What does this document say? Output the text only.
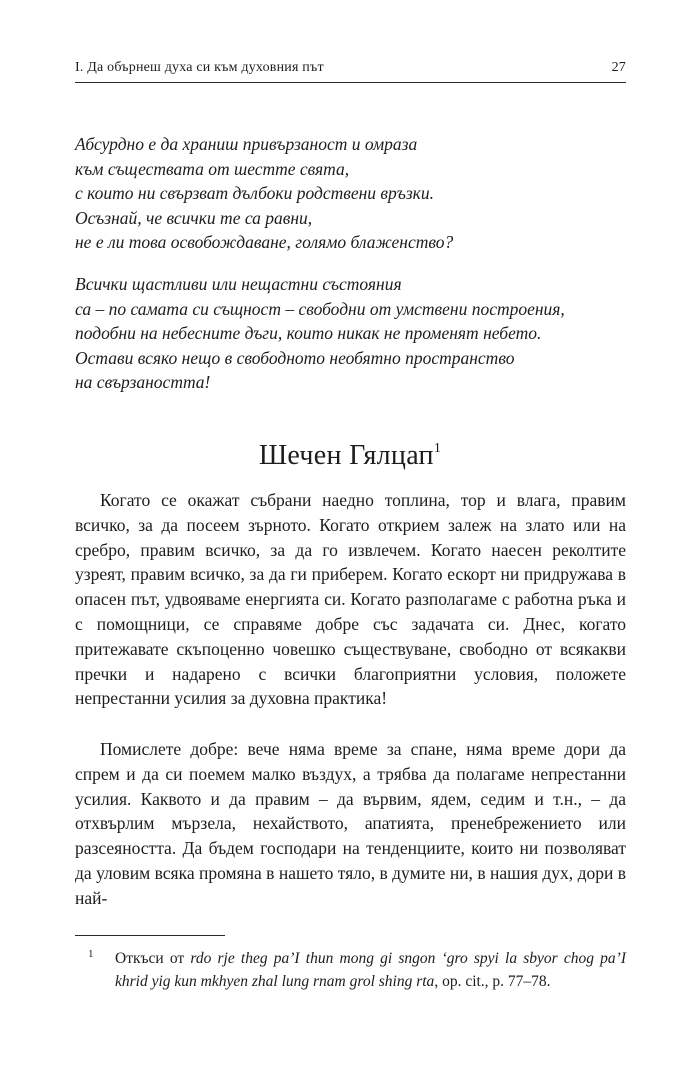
I. Да обърнеш духа си към духовния път	27
Абсурдно е да храниш привързаност и омраза
към съществата от шестте свята,
с които ни свързват дълбоки родствени връзки.
Осъзнай, че всички те са равни,
не е ли това освобождаване, голямо блаженство?
Всички щастливи или нещастни състояния
са – по самата си същност – свободни от умствени построения,
подобни на небесните дъги, които никак не променят небето.
Остави всяко нещо в свободното необятно пространство
на свързаността!
Шечен Гялцап$^1$

Когато се окажат събрани наедно топлина, тор и влага, правим всичко, за да посеем зърното. Когато открием залеж на злато или на сребро, правим всичко, за да го извлечем. Когато наесен реколтите узреят, правим всичко, за да ги приберем. Когато ескорт ни придружава в опасен път, удвояваме енергията си. Когато разполагаме с работна ръка и с помощници, се справяме добре със задачата си. Днес, когато притежавате скъпоценно човешко съществуване, свободно от всякакви пречки и надарено с всички благоприятни условия, положете непрестанни усилия за духовна практика!

Помислете добре: вече няма време за спане, няма време дори да спрем и да си поемем малко въздух, а трябва да полагаме непрестанни усилия. Каквото и да правим – да вървим, ядем, седим и т.н., – да отхвърлим мързела, нехайството, апатията, пренебрежението или разсеяността. Да бъдем господари на тенденциите, които ни позволяват да уловим всяка промяна в нашето тяло, в думите ни, в нашия дух, дори в най-

1 Откъси от rdo rje theg pa’I thun mong gi sngon ‘gro spyi la sbyor chog pa’I khrid yig kun mkhyen zhal lung rnam grol shing rta, op. cit., p. 77–78.
